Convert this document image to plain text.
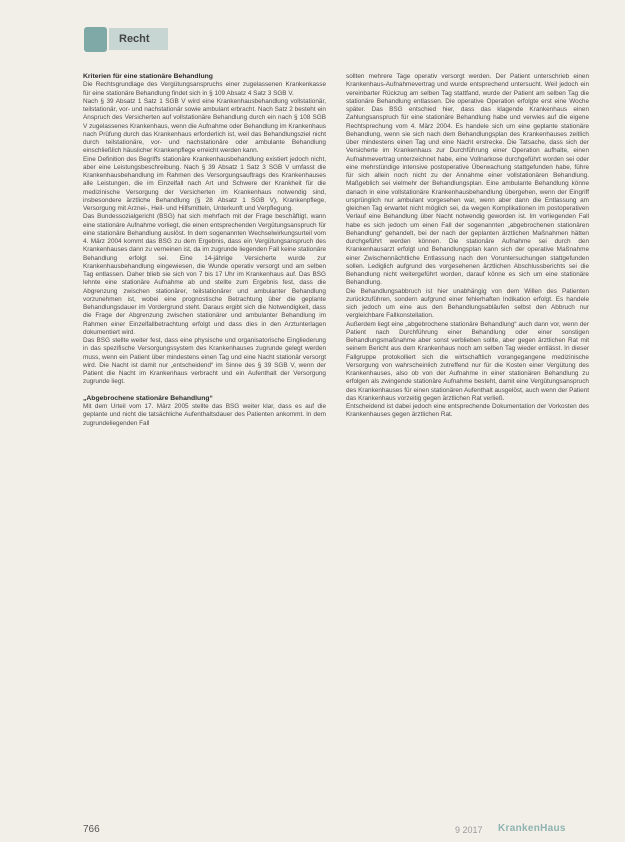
Recht
Kriterien für eine stationäre Behandlung

Die Rechtsgrundlage des Vergütungsanspruchs einer zugelassenen Krankenkasse für eine stationäre Behandlung findet sich in § 109 Absatz 4 Satz 3 SGB V.

Nach § 39 Absatz 1 Satz 1 SGB V wird eine Krankenhausbehandlung vollstationär, teilstationär, vor- und nachstationär sowie ambulant erbracht. Nach Satz 2 besteht ein Anspruch des Versicherten auf vollstationäre Behandlung durch ein nach § 108 SGB V zugelassenes Krankenhaus, wenn die Aufnahme oder Behandlung im Krankenhaus nach Prüfung durch das Krankenhaus erforderlich ist, weil das Behandlungsziel nicht durch teilstationäre, vor- und nachstationäre oder ambulante Behandlung einschließlich häuslicher Krankenpflege erreicht werden kann.

Eine Definition des Begriffs stationäre Krankenhausbehandlung existiert jedoch nicht, aber eine Leistungsbeschreibung. Nach § 39 Absatz 1 Satz 3 SGB V umfasst die Krankenhausbehandlung im Rahmen des Versorgungsauftrags des Krankenhauses alle Leistungen, die im Einzelfall nach Art und Schwere der Krankheit für die medizinische Versorgung der Versicherten im Krankenhaus notwendig sind, insbesondere ärztliche Behandlung (§ 28 Absatz 1 SGB V), Krankenpflege, Versorgung mit Arznei-, Heil- und Hilfsmitteln, Unterkunft und Verpflegung.

Das Bundessozialgericht (BSG) hat sich mehrfach mit der Frage beschäftigt, wann eine stationäre Aufnahme vorliegt, die einen entsprechenden Vergütungsanspruch für eine stationäre Behandlung auslöst. In dem sogenannten Wechselwirkungsurteil vom 4. März 2004 kommt das BSG zu dem Ergebnis, dass ein Vergütungsanspruch des Krankenhauses dann zu verneinen ist, da im zugrunde liegenden Fall keine stationäre Behandlung erfolgt sei. Eine 14-jährige Versicherte wurde zur Krankenhausbehandlung eingewiesen, die Wunde operativ versorgt und am selben Tag entlassen. Daher blieb sie sich von 7 bis 17 Uhr im Krankenhaus auf. Das BSG lehnte eine stationäre Aufnahme ab und stellte zum Ergebnis fest, dass die Abgrenzung zwischen stationärer, teilstationärer und ambulanter Behandlung vorzunehmen ist, wobei eine prognostische Betrachtung über die geplante Behandlungsdauer im Vordergrund steht. Daraus ergibt sich die Notwendigkeit, dass die Frage der Abgrenzung zwischen stationärer und ambulanter Behandlung im Rahmen einer Einzelfallbetrachtung erfolgt und dass dies in den Arztunterlagen dokumentiert wird.

Das BSG stellte weiter fest, dass eine physische und organisatorische Eingliederung in das spezifische Versorgungssystem des Krankenhauses zugrunde gelegt werden muss, wenn ein Patient über mindestens einen Tag und eine Nacht stationär versorgt wird. Die Nacht ist damit nur „entscheidend“ im Sinne des § 39 SGB V, wenn der Patient die Nacht im Krankenhaus verbracht und ein Aufenthalt der Versorgung zugrunde liegt.

„Abgebrochene stationäre Behandlung“

Mit dem Urteil vom 17. März 2005 stellte das BSG weiter klar, dass es auf die geplante und nicht die tatsächliche Aufenthaltsdauer des Patienten ankommt. In dem zugrundeliegenden Fall

sollten mehrere Tage operativ versorgt werden. Der Patient unterschrieb einen Krankenhaus-Aufnahmevertrag und wurde entsprechend untersucht. Weil jedoch ein vereinbarter Rückzug am selben Tag stattfand, wurde der Patient am selben Tag die stationäre Behandlung entlassen. Die operative Operation erfolgte erst eine Woche später. Das BSG entschied hier, dass das klagende Krankenhaus einen Zahlungsanspruch für eine stationäre Behandlung habe und verwies auf die eigene Rechtsprechung vom 4. März 2004. Es handele sich um eine geplante stationäre Behandlung, wenn sie sich nach dem Behandlungsplan des Krankenhauses zeitlich über mindestens einen Tag und eine Nacht erstrecke. Die Tatsache, dass sich der Versicherte im Krankenhaus zur Durchführung einer Operation aufhalte, einen Aufnahmevertrag unterzeichnet habe, eine Vollnarkose durchgeführt worden sei oder eine mehrstündige intensive postoperative Überwachung stattgefunden habe, führe für sich allein noch nicht zu der Annahme einer vollstationären Behandlung. Maßgeblich sei vielmehr der Behandlungsplan. Eine ambulante Behandlung könne danach in eine vollstationäre Krankenhausbehandlung übergehen, wenn der Eingriff ursprünglich nur ambulant vorgesehen war, wenn aber dann die Entlassung am gleichen Tag erwartet nicht möglich sei, da wegen Komplikationen im postoperativen Verlauf eine Behandlung über Nacht notwendig geworden ist. Im vorliegenden Fall habe es sich jedoch um einen Fall der sogenannten „abgebrochenen stationären Behandlung“ gehandelt, bei der nach der geplanten ärztlichen Maßnahmen hätten durchgeführt werden können. Die stationäre Aufnahme sei durch den Krankenhausarzt erfolgt und Behandlungsplan kann sich der operative Maßnahme einer Zwischennächtliche Entlassung nach den Voruntersuchungen stattgefunden sollen. Lediglich aufgrund des vorgesehenen ärztlichen Abschlussberichts sei die Behandlung nicht weitergeführt worden, darauf könne es sich um eine stationäre Behandlung.

Die Behandlungsabbruch ist hier unabhängig von dem Willen des Patienten zurückzuführen, sondern aufgrund einer fehlerhaften Indikation erfolgt. Es handele sich jedoch um eine aus den Behandlungsabläufen selbst den Abbruch nur vergleichbare Fallkonstellation.

Außerdem liegt eine „abgebrochene stationäre Behandlung“ auch dann vor, wenn der Patient nach Durchführung einer Behandlung oder einer sonstigen Behandlungsmaßnahme aber sonst verblieben sollte, aber gegen ärztlichen Rat mit seinem Bericht aus dem Krankenhaus noch am selben Tag wieder entlässt. In dieser Fallgruppe protokolliert sich die wirtschaftlich vorangegangene medizinische Versorgung von wahrscheinlich zutreffend nur für die Kosten einer Vergütung des Krankenhauses, also ob von der Aufnahme in einer stationären Behandlung zu erfolgen als zwingende stationäre Aufnahme besteht, damit eine Vergütungsanspruch des Krankenhauses für einen stationären Aufenthalt ausgelöst, auch wenn der Patient das Krankenhaus vorzeitig gegen ärztlichen Rat verließ.

Entscheidend ist dabei jedoch eine entsprechende Dokumentation der Vorkosten des Krankenhauses gegen ärztlichen Rat.

766	9 2017 KrankenHaus
